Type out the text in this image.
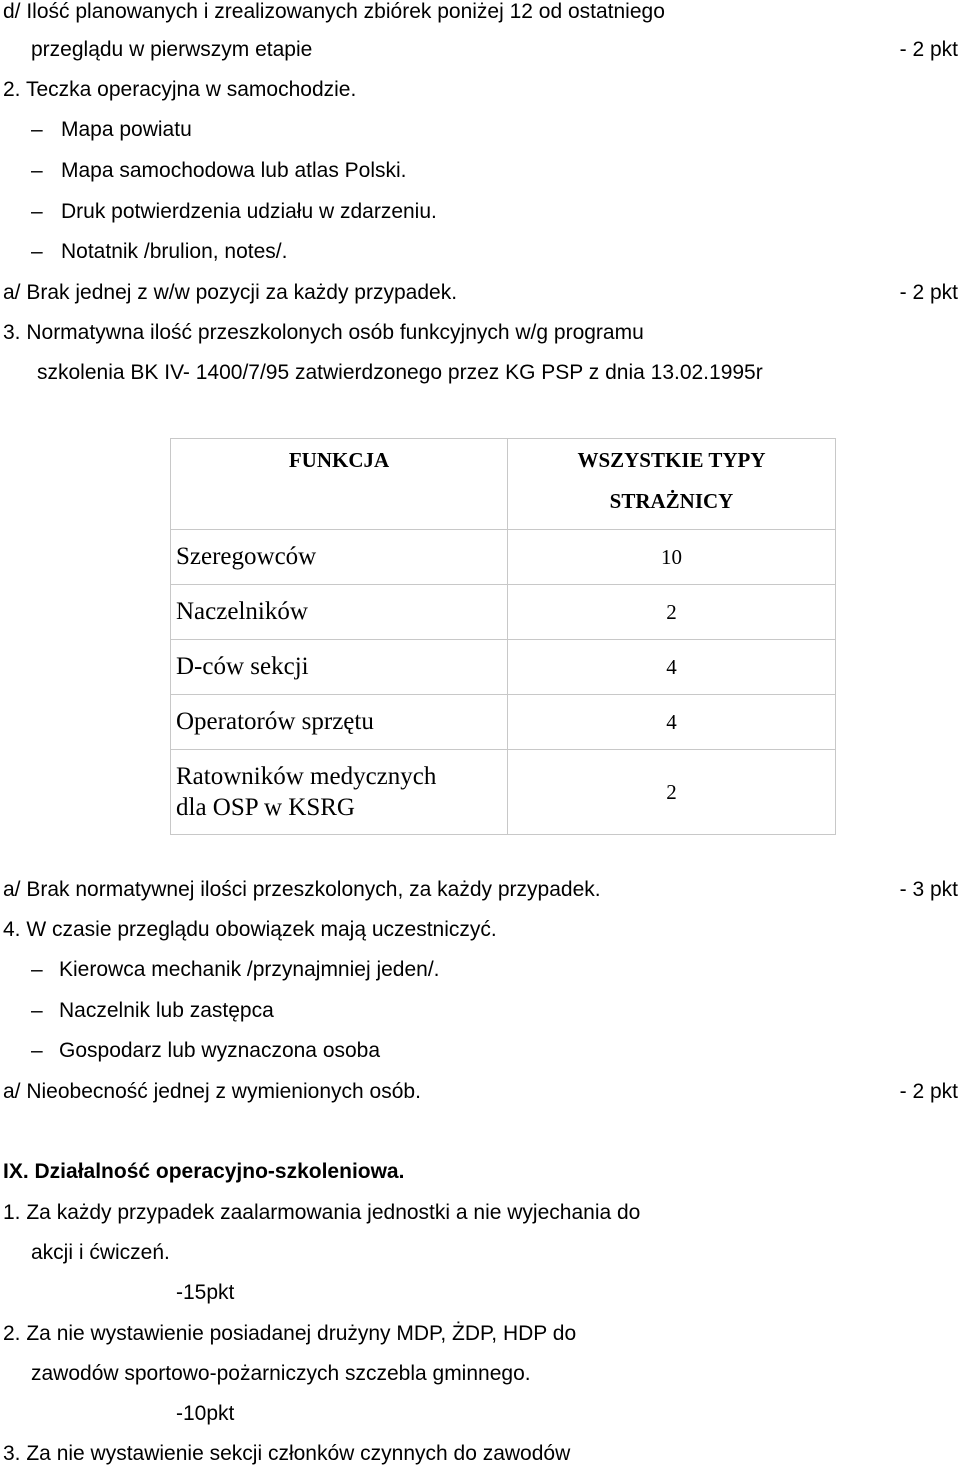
d/ Ilość planowanych i zrealizowanych zbiórek poniżej 12 od ostatniego
przeglądu w pierwszym etapie	- 2 pkt
2. Teczka operacyjna w samochodzie.
– Mapa powiatu
– Mapa samochodowa lub atlas Polski.
– Druk potwierdzenia udziału w zdarzeniu.
– Notatnik /brulion, notes/.
a/ Brak jednej z w/w pozycji za każdy przypadek.	- 2 pkt
3. Normatywna ilość przeszkolonych osób funkcyjnych w/g programu
szkolenia BK IV- 1400/7/95 zatwierdzonego przez KG PSP z dnia 13.02.1995r
FUNKCJA	WSZYSTKIE TYPY
STRAŻNICY

Szeregowców	10
Naczelników	2
D-ców sekcji	4
Operatorów sprzętu	4

Ratowników medycznych
dla OSP w KSRG	2
a/ Brak normatywnej ilości przeszkolonych, za każdy przypadek.	- 3 pkt
4. W czasie przeglądu obowiązek mają uczestniczyć.
– Kierowca mechanik /przynajmniej jeden/.
– Naczelnik lub zastępca
– Gospodarz lub wyznaczona osoba
a/ Nieobecność jednej z wymienionych osób.	- 2 pkt
IX. Działalność operacyjno-szkoleniowa.
1. Za każdy przypadek zaalarmowania jednostki a nie wyjechania do
akcji i ćwiczeń.
-15pkt
2. Za nie wystawienie posiadanej drużyny MDP, ŻDP, HDP do
zawodów sportowo-pożarniczych szczebla gminnego.
-10pkt
3. Za nie wystawienie sekcji członków czynnych do zawodów
